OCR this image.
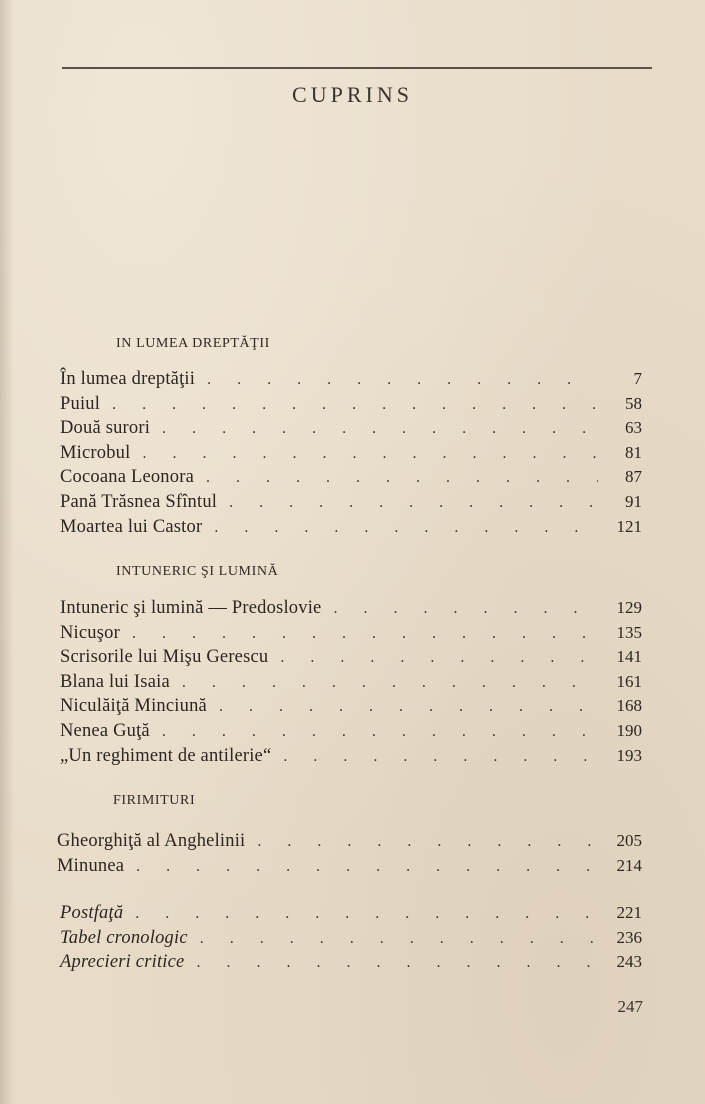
CUPRINS
IN LUMEA DREPTĂŢII
În lumea dreptăţii . . .	7
Puiul . . .	58
Două surori . . .	63
Microbul . . .	81
Cocoana Leonora . . .	87
Pană Trăsnea Sfîntul . . .	91
Moartea lui Castor . . .	121
INTUNERIC ŞI LUMINĂ
Intuneric şi lumină — Predoslovie . . .	129
Nicuşor . . .	135
Scrisorile lui Mişu Gerescu . . .	141
Blana lui Isaia . . .	161
Niculăiţă Minciună . . .	168
Nenea Guţă . . .	190
„Un reghiment de antilerie“ . . .	193
FIRIMITURI
Gheorghiţă al Anghelinii . . .	205
Minunea . . .	214
Postfaţă . . .	221
Tabel cronologic . . .	236
Aprecieri critice . . .	243
247
